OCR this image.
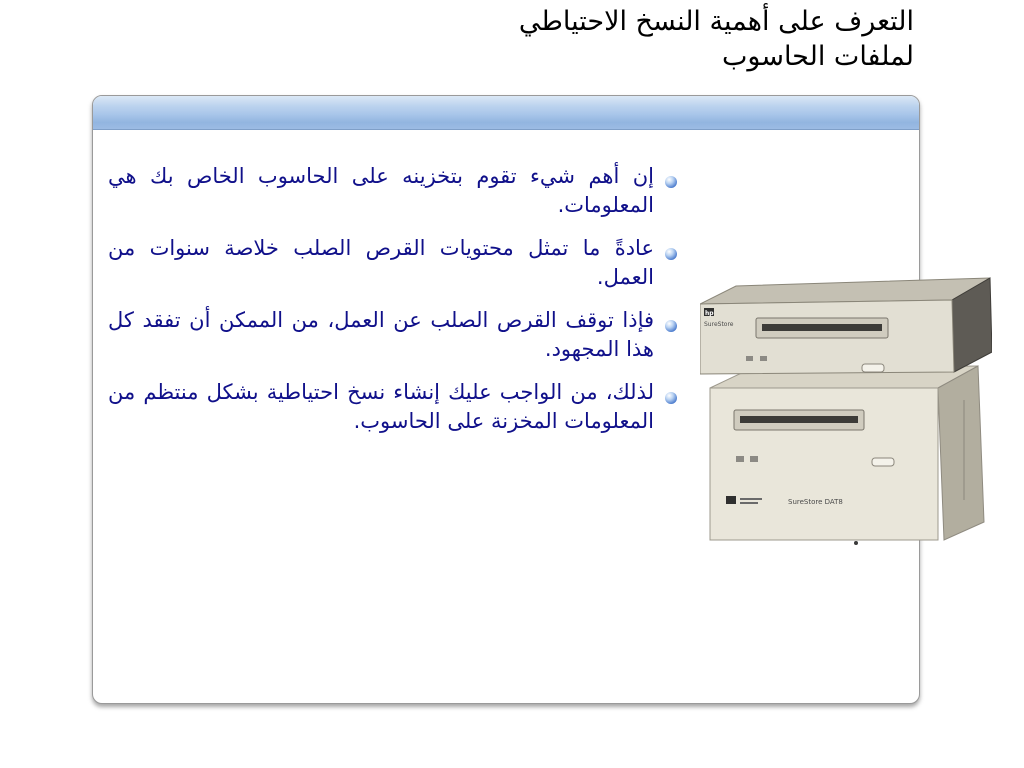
التعرف على أهمية النسخ الاحتياطي
لملفات الحاسوب
إن أهم شيء تقوم بتخزينه على الحاسوب الخاص بك هي المعلومات.
عادةً ما تمثل محتويات القرص الصلب خلاصة سنوات من العمل.
فإذا توقف القرص الصلب عن العمل، من الممكن أن تفقد كل هذا المجهود.
لذلك، من الواجب عليك إنشاء نسخ احتياطية بشكل منتظم من المعلومات المخزنة على الحاسوب.
SureStore DAT8
hp
SureStore
